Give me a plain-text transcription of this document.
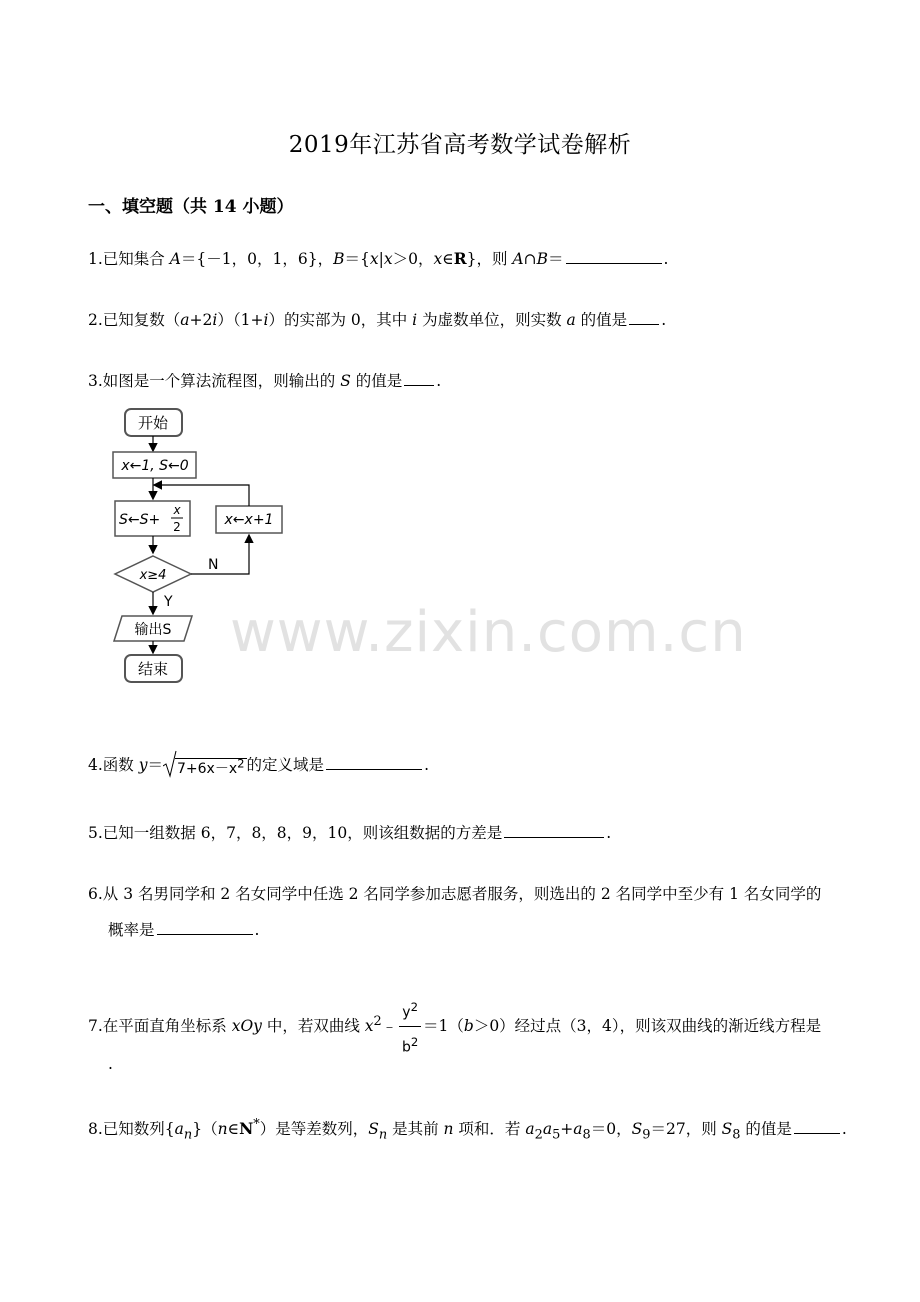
www.zixin.com.cn
2019年江苏省高考数学试卷解析
一、填空题（共 14 小题）
1.已知集合 A＝{－1，0，1，6}，B＝{x|x＞0，x∈R}，则 A∩B＝	.
2.已知复数（a+2i）（1+i）的实部为 0，其中 i 为虚数单位，则实数 a 的值是 .
3.如图是一个算法流程图，则输出的 S 的值是 .
开始
x←1, S←0
S←S+
x
2	x←x+1
x≥4
N
Y
输出S
结束
4.函数 $y= 7+6x-x^2$ 的定义域是	.
5.已知一组数据 6，7，8，8，9，10，则该组数据的方差是	.
6.从 3 名男同学和 2 名女同学中任选 2 名同学参加志愿者服务，则选出的 2 名同学中至少有 1 名女同学的
概率是	.
7.在平面直角坐标系 xOy 中，若双曲线 $x^2﹣ \frac{y^2}{b^2} =1(b>0)$经过点（3，4），则该双曲线的渐近线方程是
.
8.已知数列$\{a_n\}(n\in N^*)$是等差数列，$S_n$ 是其前 n 项和．若 $a_2a_5+a_8=0$，$S_9=27$，则 $S_8$ 的值是	.
